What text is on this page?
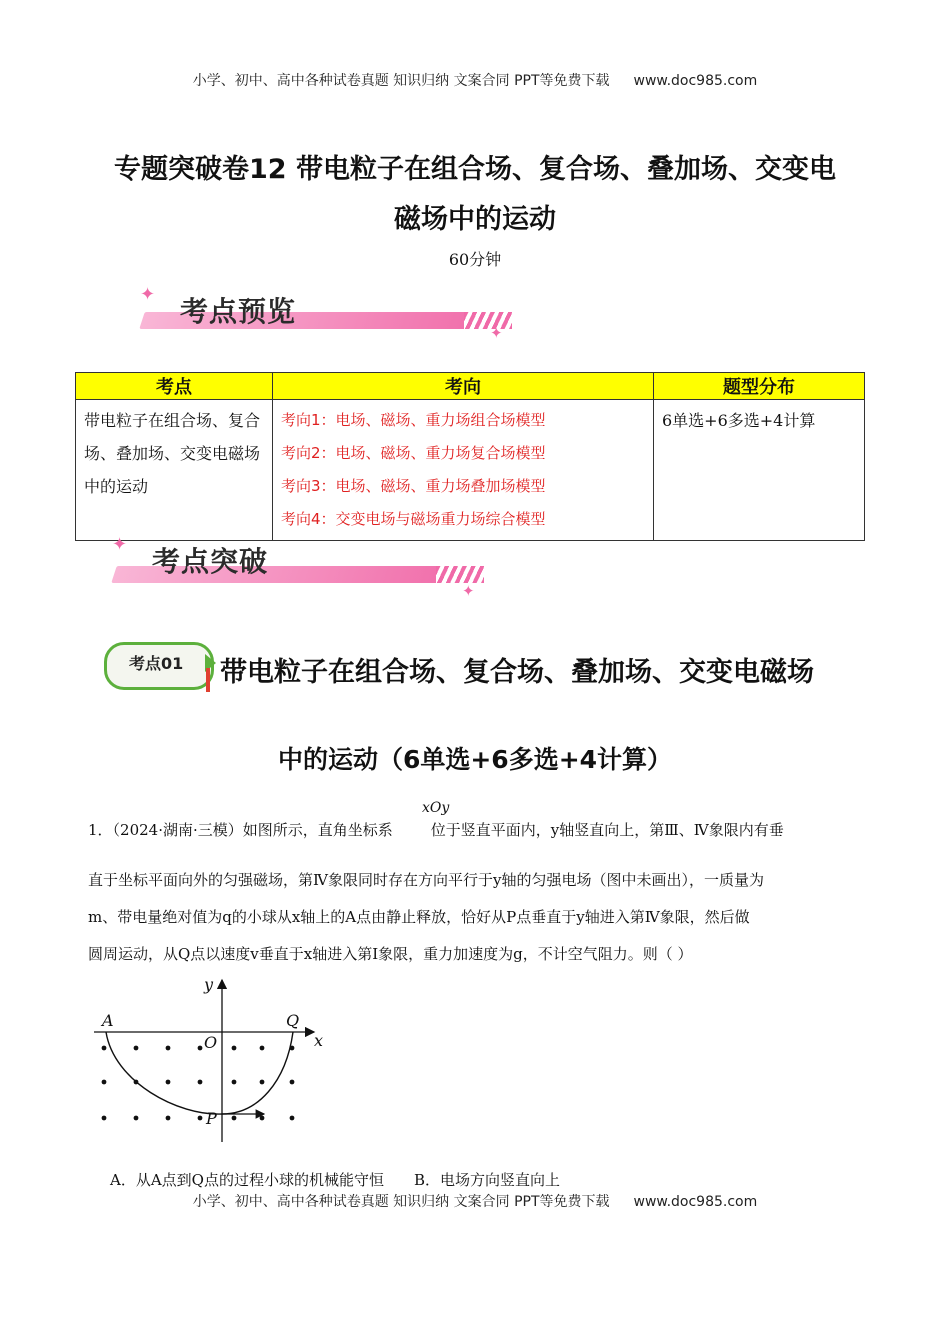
小学、初中、高中各种试卷真题 知识归纳 文案合同 PPT等免费下载 www.doc985.com
专题突破卷12 带电粒子在组合场、复合场、叠加场、交变电
磁场中的运动
60分钟
✦
✦
考点预览
考点	考向	题型分布
带电粒子在组合场、复合场、叠加场、交变电磁场中的运动	考向1：电场、磁场、重力场组合场模型
考向2：电场、磁场、重力场复合场模型
考向3：电场、磁场、重力场叠加场模型
考向4：交变电场与磁场重力场综合模型	6单选+6多选+4计算
✦
✦
考点突破
考点01	带电粒子在组合场、复合场、叠加场、交变电磁场
中的运动（6单选+6多选+4计算）
xOy
1．（2024·湖南·三模）如图所示，直角坐标系	位于竖直平面内，y轴竖直向上，第Ⅲ、Ⅳ象限内有垂
直于坐标平面向外的匀强磁场，第Ⅳ象限同时存在方向平行于y轴的匀强电场（图中未画出），一质量为
m、带电量绝对值为q的小球从x轴上的A点由静止释放，恰好从P点垂直于y轴进入第Ⅳ象限，然后做
圆周运动，从Q点以速度v垂直于x轴进入第Ⅰ象限，重力加速度为g，不计空气阻力。则（ ）
y
x
A	Q
O
P
A．从A点到Q点的过程小球的机械能守恒 B．电场方向竖直向上
小学、初中、高中各种试卷真题 知识归纳 文案合同 PPT等免费下载 www.doc985.com
